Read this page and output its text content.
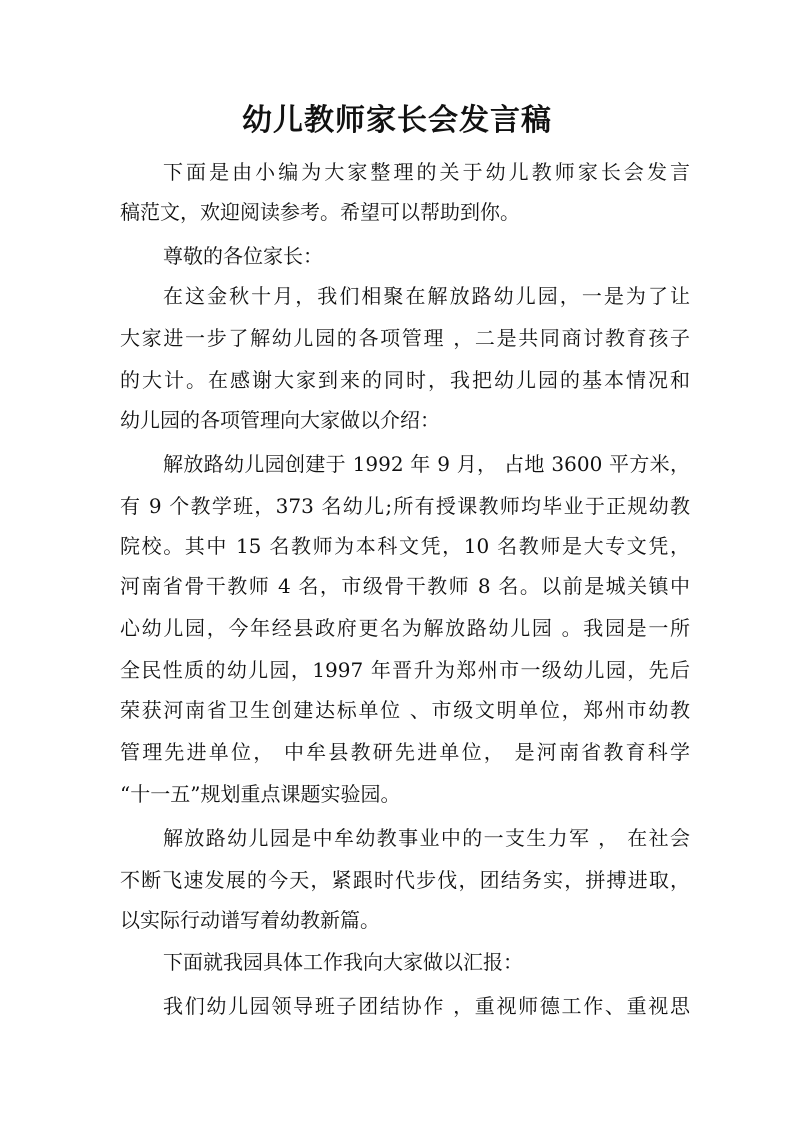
幼儿教师家长会发言稿
下面是由小编为大家整理的关于幼儿教师家长会发言
稿范文，欢迎阅读参考。希望可以帮助到你。
尊敬的各位家长：
在这金秋十月，我们相聚在解放路幼儿园，一是为了让
大家进一步了解幼儿园的各项管理 ，二是共同商讨教育孩子
的大计。在感谢大家到来的同时，我把幼儿园的基本情况和
幼儿园的各项管理向大家做以介绍：
解放路幼儿园创建于 1992 年 9 月， 占地 3600 平方米，
有 9 个教学班，373 名幼儿;所有授课教师均毕业于正规幼教
院校。其中 15 名教师为本科文凭，10 名教师是大专文凭，
河南省骨干教师 4 名，市级骨干教师 8 名。以前是城关镇中
心幼儿园，今年经县政府更名为解放路幼儿园 。我园是一所
全民性质的幼儿园，1997 年晋升为郑州市一级幼儿园，先后
荣获河南省卫生创建达标单位 、市级文明单位，郑州市幼教
管理先进单位， 中牟县教研先进单位， 是河南省教育科学
“十一五”规划重点课题实验园。
解放路幼儿园是中牟幼教事业中的一支生力军 ， 在社会
不断飞速发展的今天，紧跟时代步伐，团结务实，拼搏进取，
以实际行动谱写着幼教新篇。
下面就我园具体工作我向大家做以汇报：
我们幼儿园领导班子团结协作 ，重视师德工作、重视思
